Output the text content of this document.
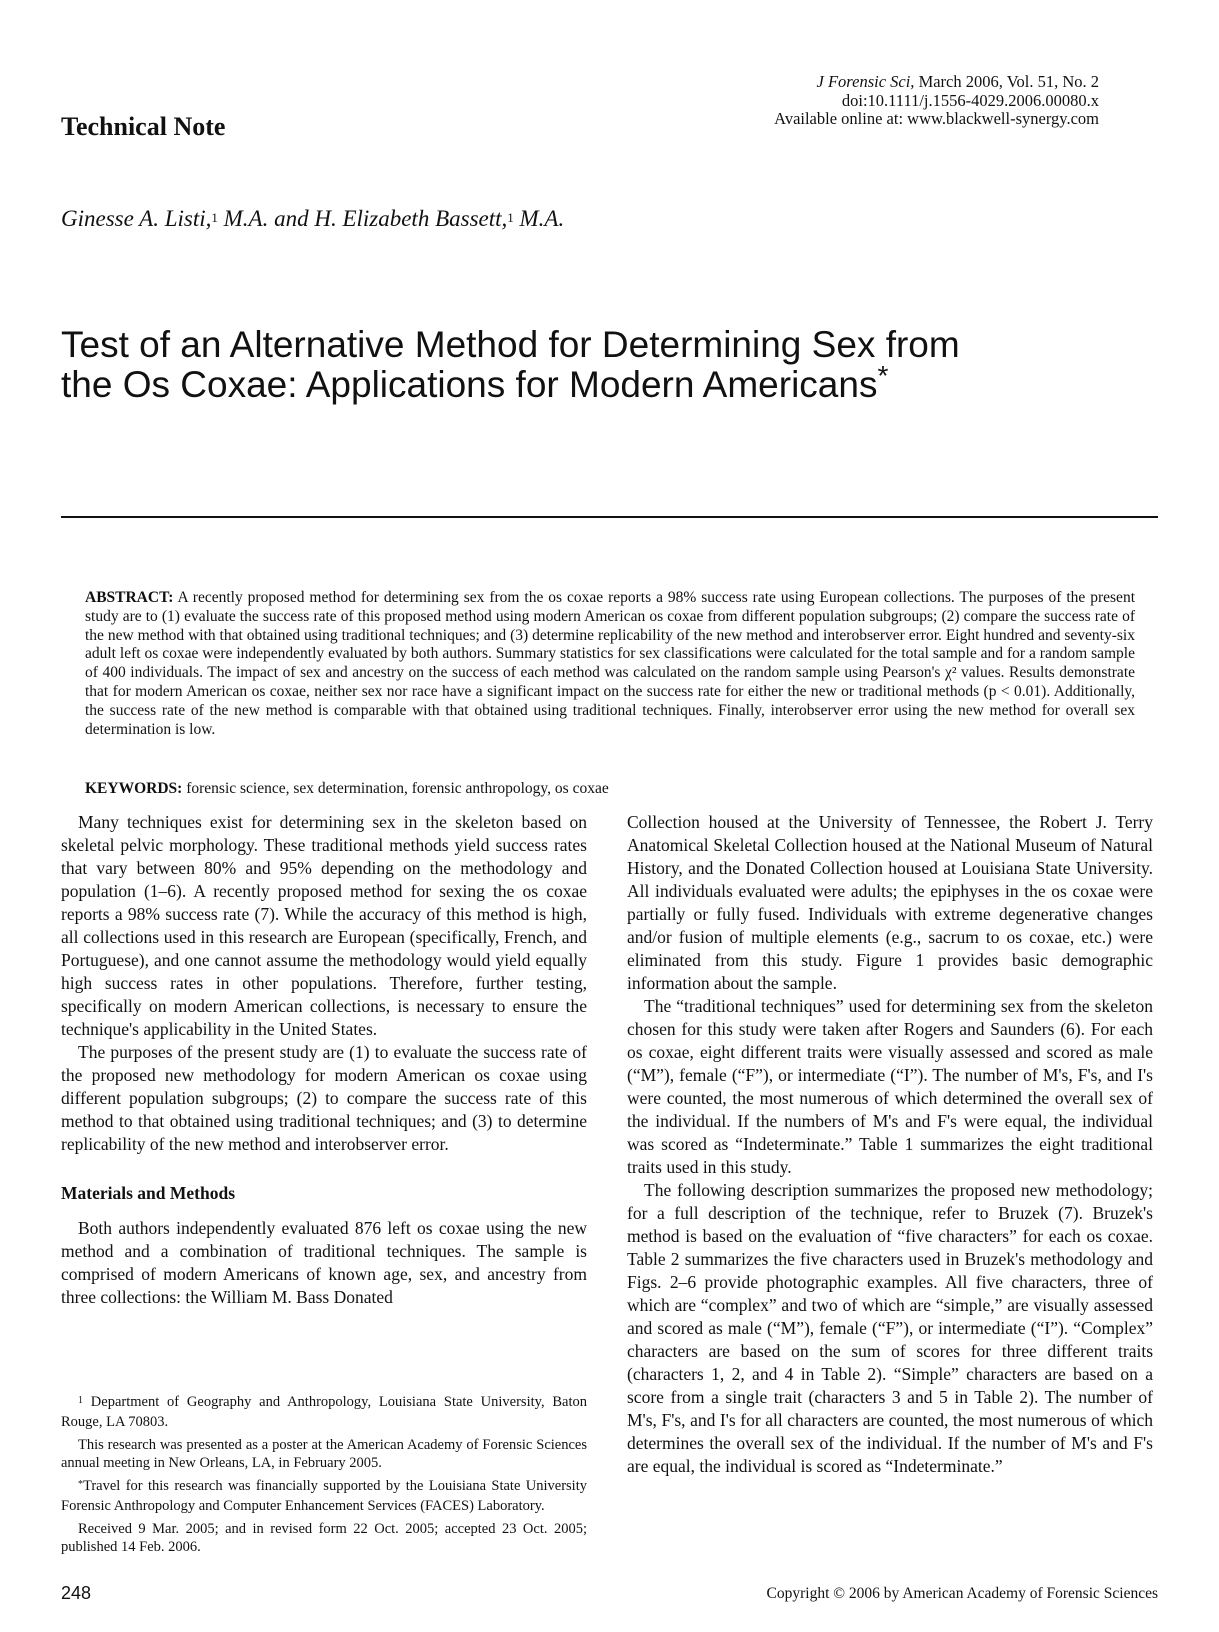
J Forensic Sci, March 2006, Vol. 51, No. 2
doi:10.1111/j.1556-4029.2006.00080.x
Available online at: www.blackwell-synergy.com
Technical Note
Ginesse A. Listi,$^1$ M.A. and H. Elizabeth Bassett,$^1$ M.A.
Test of an Alternative Method for Determining Sex from the Os Coxae: Applications for Modern Americans*
ABSTRACT: A recently proposed method for determining sex from the os coxae reports a 98% success rate using European collections. The purposes of the present study are to (1) evaluate the success rate of this proposed method using modern American os coxae from different population subgroups; (2) compare the success rate of the new method with that obtained using traditional techniques; and (3) determine replicability of the new method and interobserver error. Eight hundred and seventy-six adult left os coxae were independently evaluated by both authors. Summary statistics for sex classifications were calculated for the total sample and for a random sample of 400 individuals. The impact of sex and ancestry on the success of each method was calculated on the random sample using Pearson's χ² values. Results demonstrate that for modern American os coxae, neither sex nor race have a significant impact on the success rate for either the new or traditional methods (p < 0.01). Additionally, the success rate of the new method is comparable with that obtained using traditional techniques. Finally, interobserver error using the new method for overall sex determination is low.
KEYWORDS: forensic science, sex determination, forensic anthropology, os coxae

Many techniques exist for determining sex in the skeleton based on skeletal pelvic morphology. These traditional methods yield success rates that vary between 80% and 95% depending on the methodology and population (1–6). A recently proposed method for sexing the os coxae reports a 98% success rate (7). While the accuracy of this method is high, all collections used in this research are European (specifically, French, and Portuguese), and one cannot assume the methodology would yield equally high success rates in other populations. Therefore, further testing, specifically on modern American collections, is necessary to ensure the technique's applicability in the United States.

The purposes of the present study are (1) to evaluate the success rate of the proposed new methodology for modern American os coxae using different population subgroups; (2) to compare the success rate of this method to that obtained using traditional techniques; and (3) to determine replicability of the new method and interobserver error.

Materials and Methods

Both authors independently evaluated 876 left os coxae using the new method and a combination of traditional techniques. The sample is comprised of modern Americans of known age, sex, and ancestry from three collections: the William M. Bass Donated

$^1$ Department of Geography and Anthropology, Louisiana State University, Baton Rouge, LA 70803.

This research was presented as a poster at the American Academy of Forensic Sciences annual meeting in New Orleans, LA, in February 2005.

*Travel for this research was financially supported by the Louisiana State University Forensic Anthropology and Computer Enhancement Services (FACES) Laboratory.

Received 9 Mar. 2005; and in revised form 22 Oct. 2005; accepted 23 Oct. 2005; published 14 Feb. 2006.

Collection housed at the University of Tennessee, the Robert J. Terry Anatomical Skeletal Collection housed at the National Museum of Natural History, and the Donated Collection housed at Louisiana State University. All individuals evaluated were adults; the epiphyses in the os coxae were partially or fully fused. Individuals with extreme degenerative changes and/or fusion of multiple elements (e.g., sacrum to os coxae, etc.) were eliminated from this study. Figure 1 provides basic demographic information about the sample.

The “traditional techniques” used for determining sex from the skeleton chosen for this study were taken after Rogers and Saunders (6). For each os coxae, eight different traits were visually assessed and scored as male (“M”), female (“F”), or intermediate (“I”). The number of M's, F's, and I's were counted, the most numerous of which determined the overall sex of the individual. If the numbers of M's and F's were equal, the individual was scored as “Indeterminate.” Table 1 summarizes the eight traditional traits used in this study.

The following description summarizes the proposed new methodology; for a full description of the technique, refer to Bruzek (7). Bruzek's method is based on the evaluation of “five characters” for each os coxae. Table 2 summarizes the five characters used in Bruzek's methodology and Figs. 2–6 provide photographic examples. All five characters, three of which are “complex” and two of which are “simple,” are visually assessed and scored as male (“M”), female (“F”), or intermediate (“I”). “Complex” characters are based on the sum of scores for three different traits (characters 1, 2, and 4 in Table 2). “Simple” characters are based on a score from a single trait (characters 3 and 5 in Table 2). The number of M's, F's, and I's for all characters are counted, the most numerous of which determines the overall sex of the individual. If the number of M's and F's are equal, the individual is scored as “Indeterminate.”

248	Copyright © 2006 by American Academy of Forensic Sciences
